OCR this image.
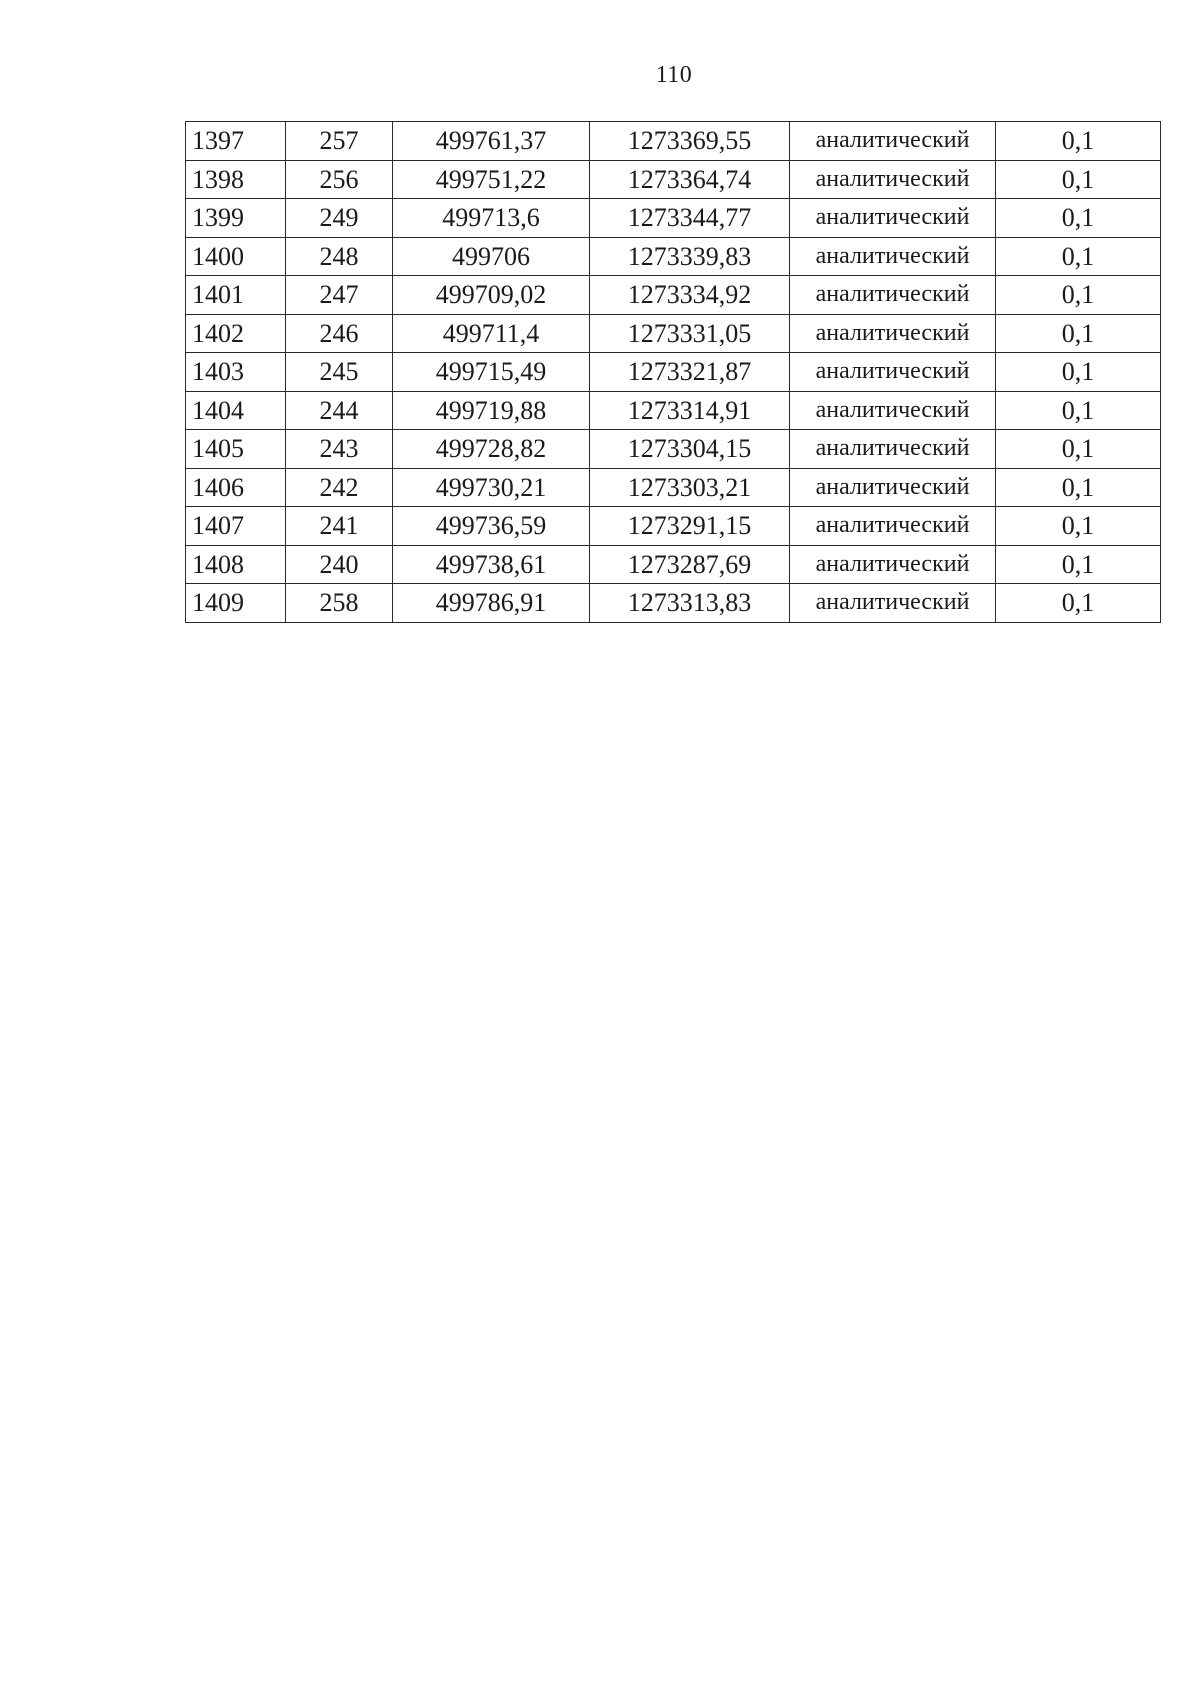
110
1397	257	499761,37	1273369,55	аналитический	0,1
1398	256	499751,22	1273364,74	аналитический	0,1
1399	249	499713,6	1273344,77	аналитический	0,1
1400	248	499706	1273339,83	аналитический	0,1
1401	247	499709,02	1273334,92	аналитический	0,1
1402	246	499711,4	1273331,05	аналитический	0,1
1403	245	499715,49	1273321,87	аналитический	0,1
1404	244	499719,88	1273314,91	аналитический	0,1
1405	243	499728,82	1273304,15	аналитический	0,1
1406	242	499730,21	1273303,21	аналитический	0,1
1407	241	499736,59	1273291,15	аналитический	0,1
1408	240	499738,61	1273287,69	аналитический	0,1
1409	258	499786,91	1273313,83	аналитический	0,1
